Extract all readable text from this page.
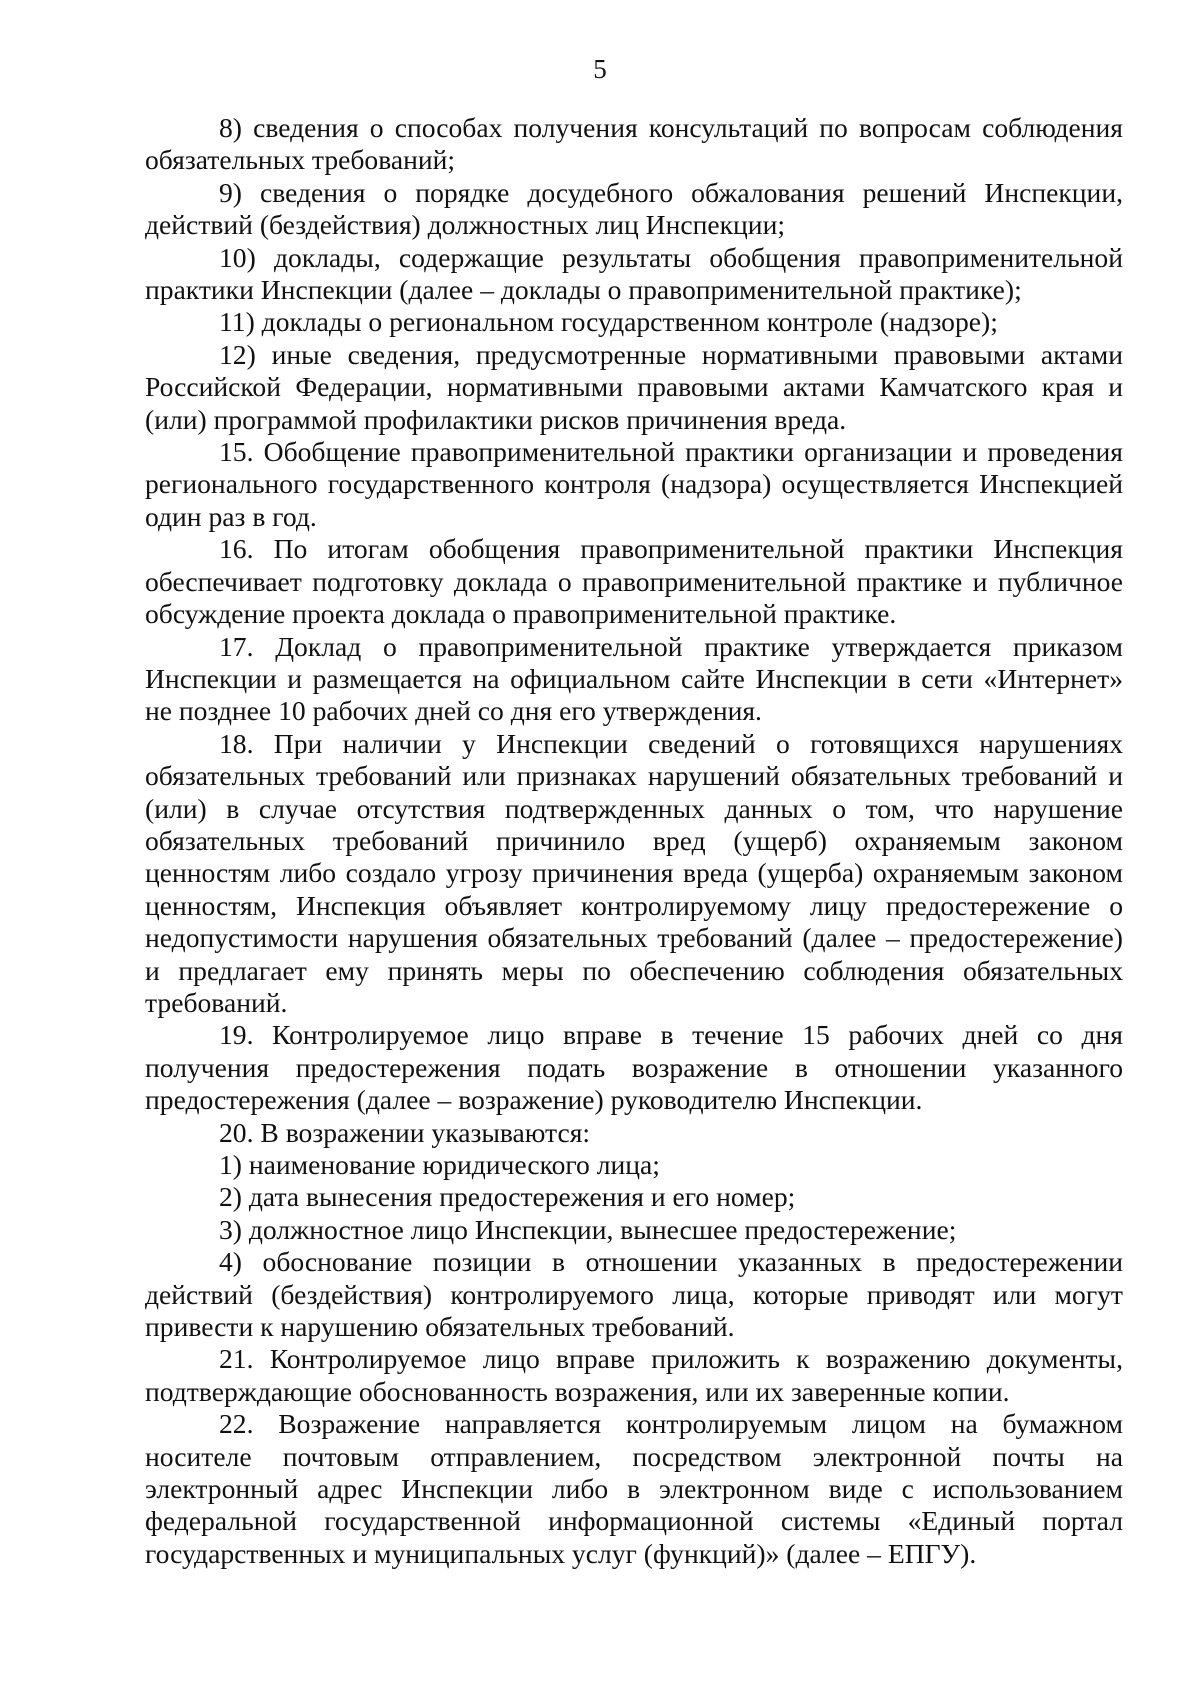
5

8) сведения о способах получения консультаций по вопросам соблюдения обязательных требований;

9) сведения о порядке досудебного обжалования решений Инспекции, действий (бездействия) должностных лиц Инспекции;

10) доклады, содержащие результаты обобщения правоприменительной практики Инспекции (далее – доклады о правоприменительной практике);

11) доклады о региональном государственном контроле (надзоре);

12) иные сведения, предусмотренные нормативными правовыми актами Российской Федерации, нормативными правовыми актами Камчатского края и (или) программой профилактики рисков причинения вреда.

15. Обобщение правоприменительной практики организации и проведения регионального государственного контроля (надзора) осуществляется Инспекцией один раз в год.

16. По итогам обобщения правоприменительной практики Инспекция обеспечивает подготовку доклада о правоприменительной практике и публичное обсуждение проекта доклада о правоприменительной практике.

17. Доклад о правоприменительной практике утверждается приказом Инспекции и размещается на официальном сайте Инспекции в сети «Интернет» не позднее 10 рабочих дней со дня его утверждения.

18. При наличии у Инспекции сведений о готовящихся нарушениях обязательных требований или признаках нарушений обязательных требований и (или) в случае отсутствия подтвержденных данных о том, что нарушение обязательных требований причинило вред (ущерб) охраняемым законом ценностям либо создало угрозу причинения вреда (ущерба) охраняемым законом ценностям, Инспекция объявляет контролируемому лицу предостережение о недопустимости нарушения обязательных требований (далее – предостережение) и предлагает ему принять меры по обеспечению соблюдения обязательных требований.

19. Контролируемое лицо вправе в течение 15 рабочих дней со дня получения предостережения подать возражение в отношении указанного предостережения (далее – возражение) руководителю Инспекции.

20. В возражении указываются:

1) наименование юридического лица;

2) дата вынесения предостережения и его номер;

3) должностное лицо Инспекции, вынесшее предостережение;

4) обоснование позиции в отношении указанных в предостережении действий (бездействия) контролируемого лица, которые приводят или могут привести к нарушению обязательных требований.

21. Контролируемое лицо вправе приложить к возражению документы, подтверждающие обоснованность возражения, или их заверенные копии.

22. Возражение направляется контролируемым лицом на бумажном носителе почтовым отправлением, посредством электронной почты на электронный адрес Инспекции либо в электронном виде с использованием федеральной государственной информационной системы «Единый портал государственных и муниципальных услуг (функций)» (далее – ЕПГУ).
